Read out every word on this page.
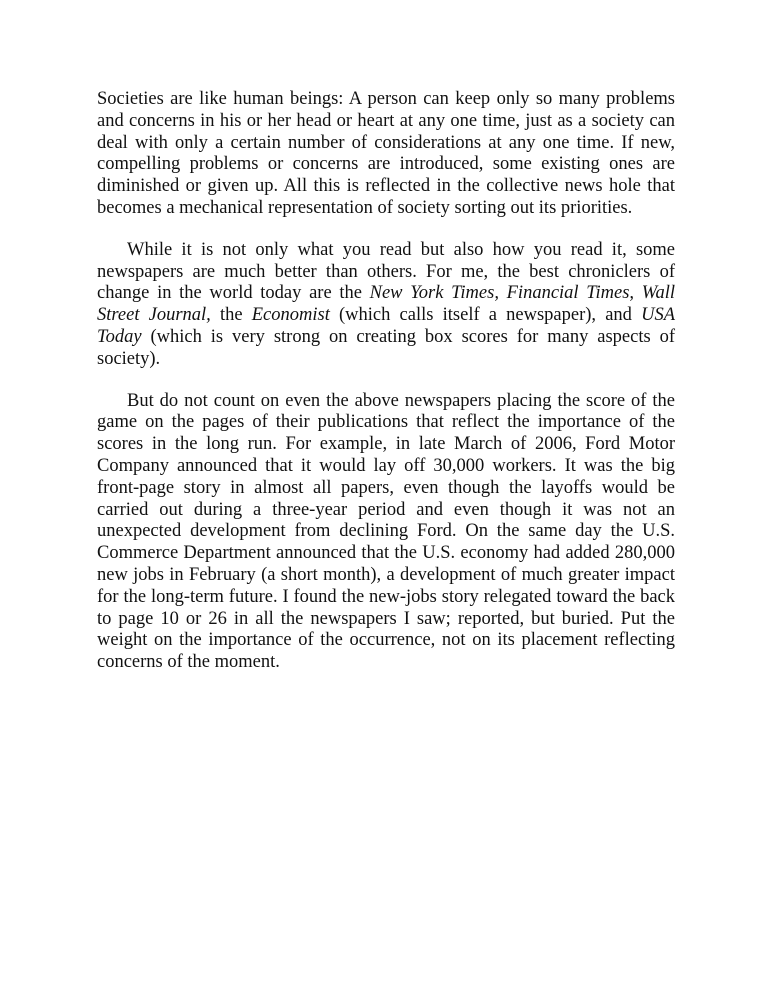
Societies are like human beings: A person can keep only so many problems and concerns in his or her head or heart at any one time, just as a society can deal with only a certain number of considerations at any one time. If new, compelling problems or concerns are introduced, some existing ones are diminished or given up. All this is reflected in the collective news hole that becomes a mechanical representation of society sorting out its priorities.

While it is not only what you read but also how you read it, some newspapers are much better than others. For me, the best chroniclers of change in the world today are the New York Times, Financial Times, Wall Street Journal, the Economist (which calls itself a newspaper), and USA Today (which is very strong on creating box scores for many aspects of society).

But do not count on even the above newspapers placing the score of the game on the pages of their publications that reflect the importance of the scores in the long run. For example, in late March of 2006, Ford Motor Company announced that it would lay off 30,000 workers. It was the big front-page story in almost all papers, even though the layoffs would be carried out during a three-year period and even though it was not an unexpected development from declining Ford. On the same day the U.S. Commerce Department announced that the U.S. economy had added 280,000 new jobs in February (a short month), a development of much greater impact for the long-term future. I found the new-jobs story relegated toward the back to page 10 or 26 in all the newspapers I saw; reported, but buried. Put the weight on the importance of the occurrence, not on its placement reflecting concerns of the moment.
